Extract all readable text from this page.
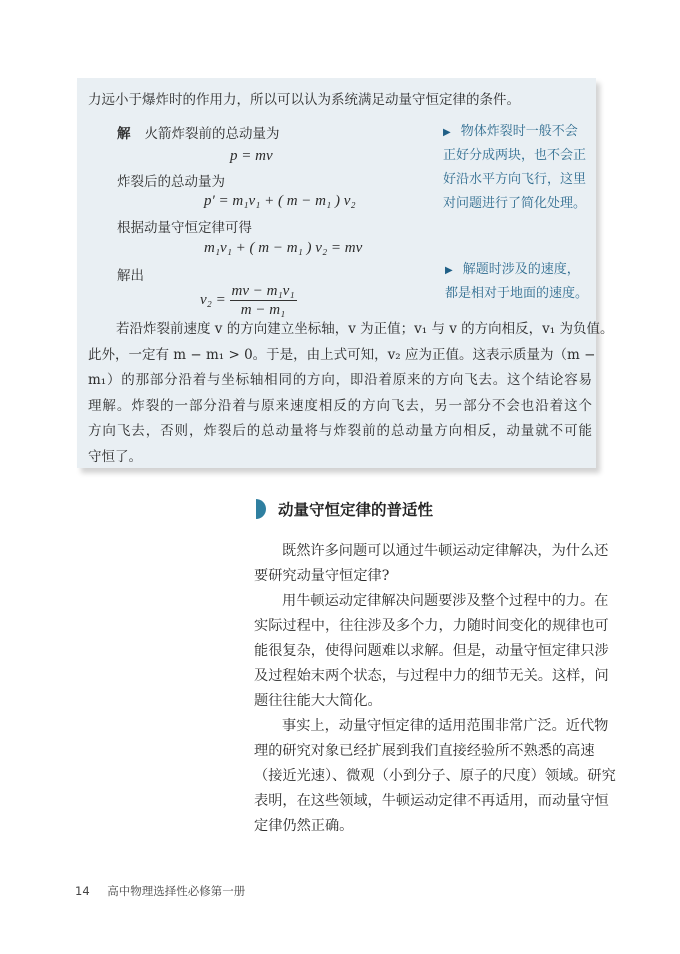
力远小于爆炸时的作用力，所以可以认为系统满足动量守恒定律的条件。
解 火箭炸裂前的总动量为
p = mv
炸裂后的总动量为
p′ = m₁v₁ + ( m − m₁ ) v₂
根据动量守恒定律可得
m₁v₁ + ( m − m₁ ) v₂ = mv
解出
$v_2 = \frac{\text{mv − m₁v₁}}{\text{m − m₁}}$
▶ 物体炸裂时一般不会
正好分成两块，也不会正
好沿水平方向飞行，这里
对问题进行了简化处理。
▶ 解题时涉及的速度，
都是相对于地面的速度。
若沿炸裂前速度 v 的方向建立坐标轴，v 为正值；v₁ 与 v 的方向相反，v₁ 为负值。
此外，一定有 m − m₁ > 0。于是，由上式可知，v₂ 应为正值。这表示质量为（m −
m₁）的那部分沿着与坐标轴相同的方向，即沿着原来的方向飞去。这个结论容易
理解。炸裂的一部分沿着与原来速度相反的方向飞去，另一部分不会也沿着这个
方向飞去，否则，炸裂后的总动量将与炸裂前的总动量方向相反，动量就不可能
守恒了。
动量守恒定律的普适性
既然许多问题可以通过牛顿运动定律解决，为什么还
要研究动量守恒定律?
用牛顿运动定律解决问题要涉及整个过程中的力。在
实际过程中，往往涉及多个力，力随时间变化的规律也可
能很复杂，使得问题难以求解。但是，动量守恒定律只涉
及过程始末两个状态，与过程中力的细节无关。这样，问
题往往能大大简化。
事实上，动量守恒定律的适用范围非常广泛。近代物
理的研究对象已经扩展到我们直接经验所不熟悉的高速
（接近光速）、微观（小到分子、原子的尺度）领域。研究
表明，在这些领域，牛顿运动定律不再适用，而动量守恒
定律仍然正确。
14 高中物理选择性必修第一册
